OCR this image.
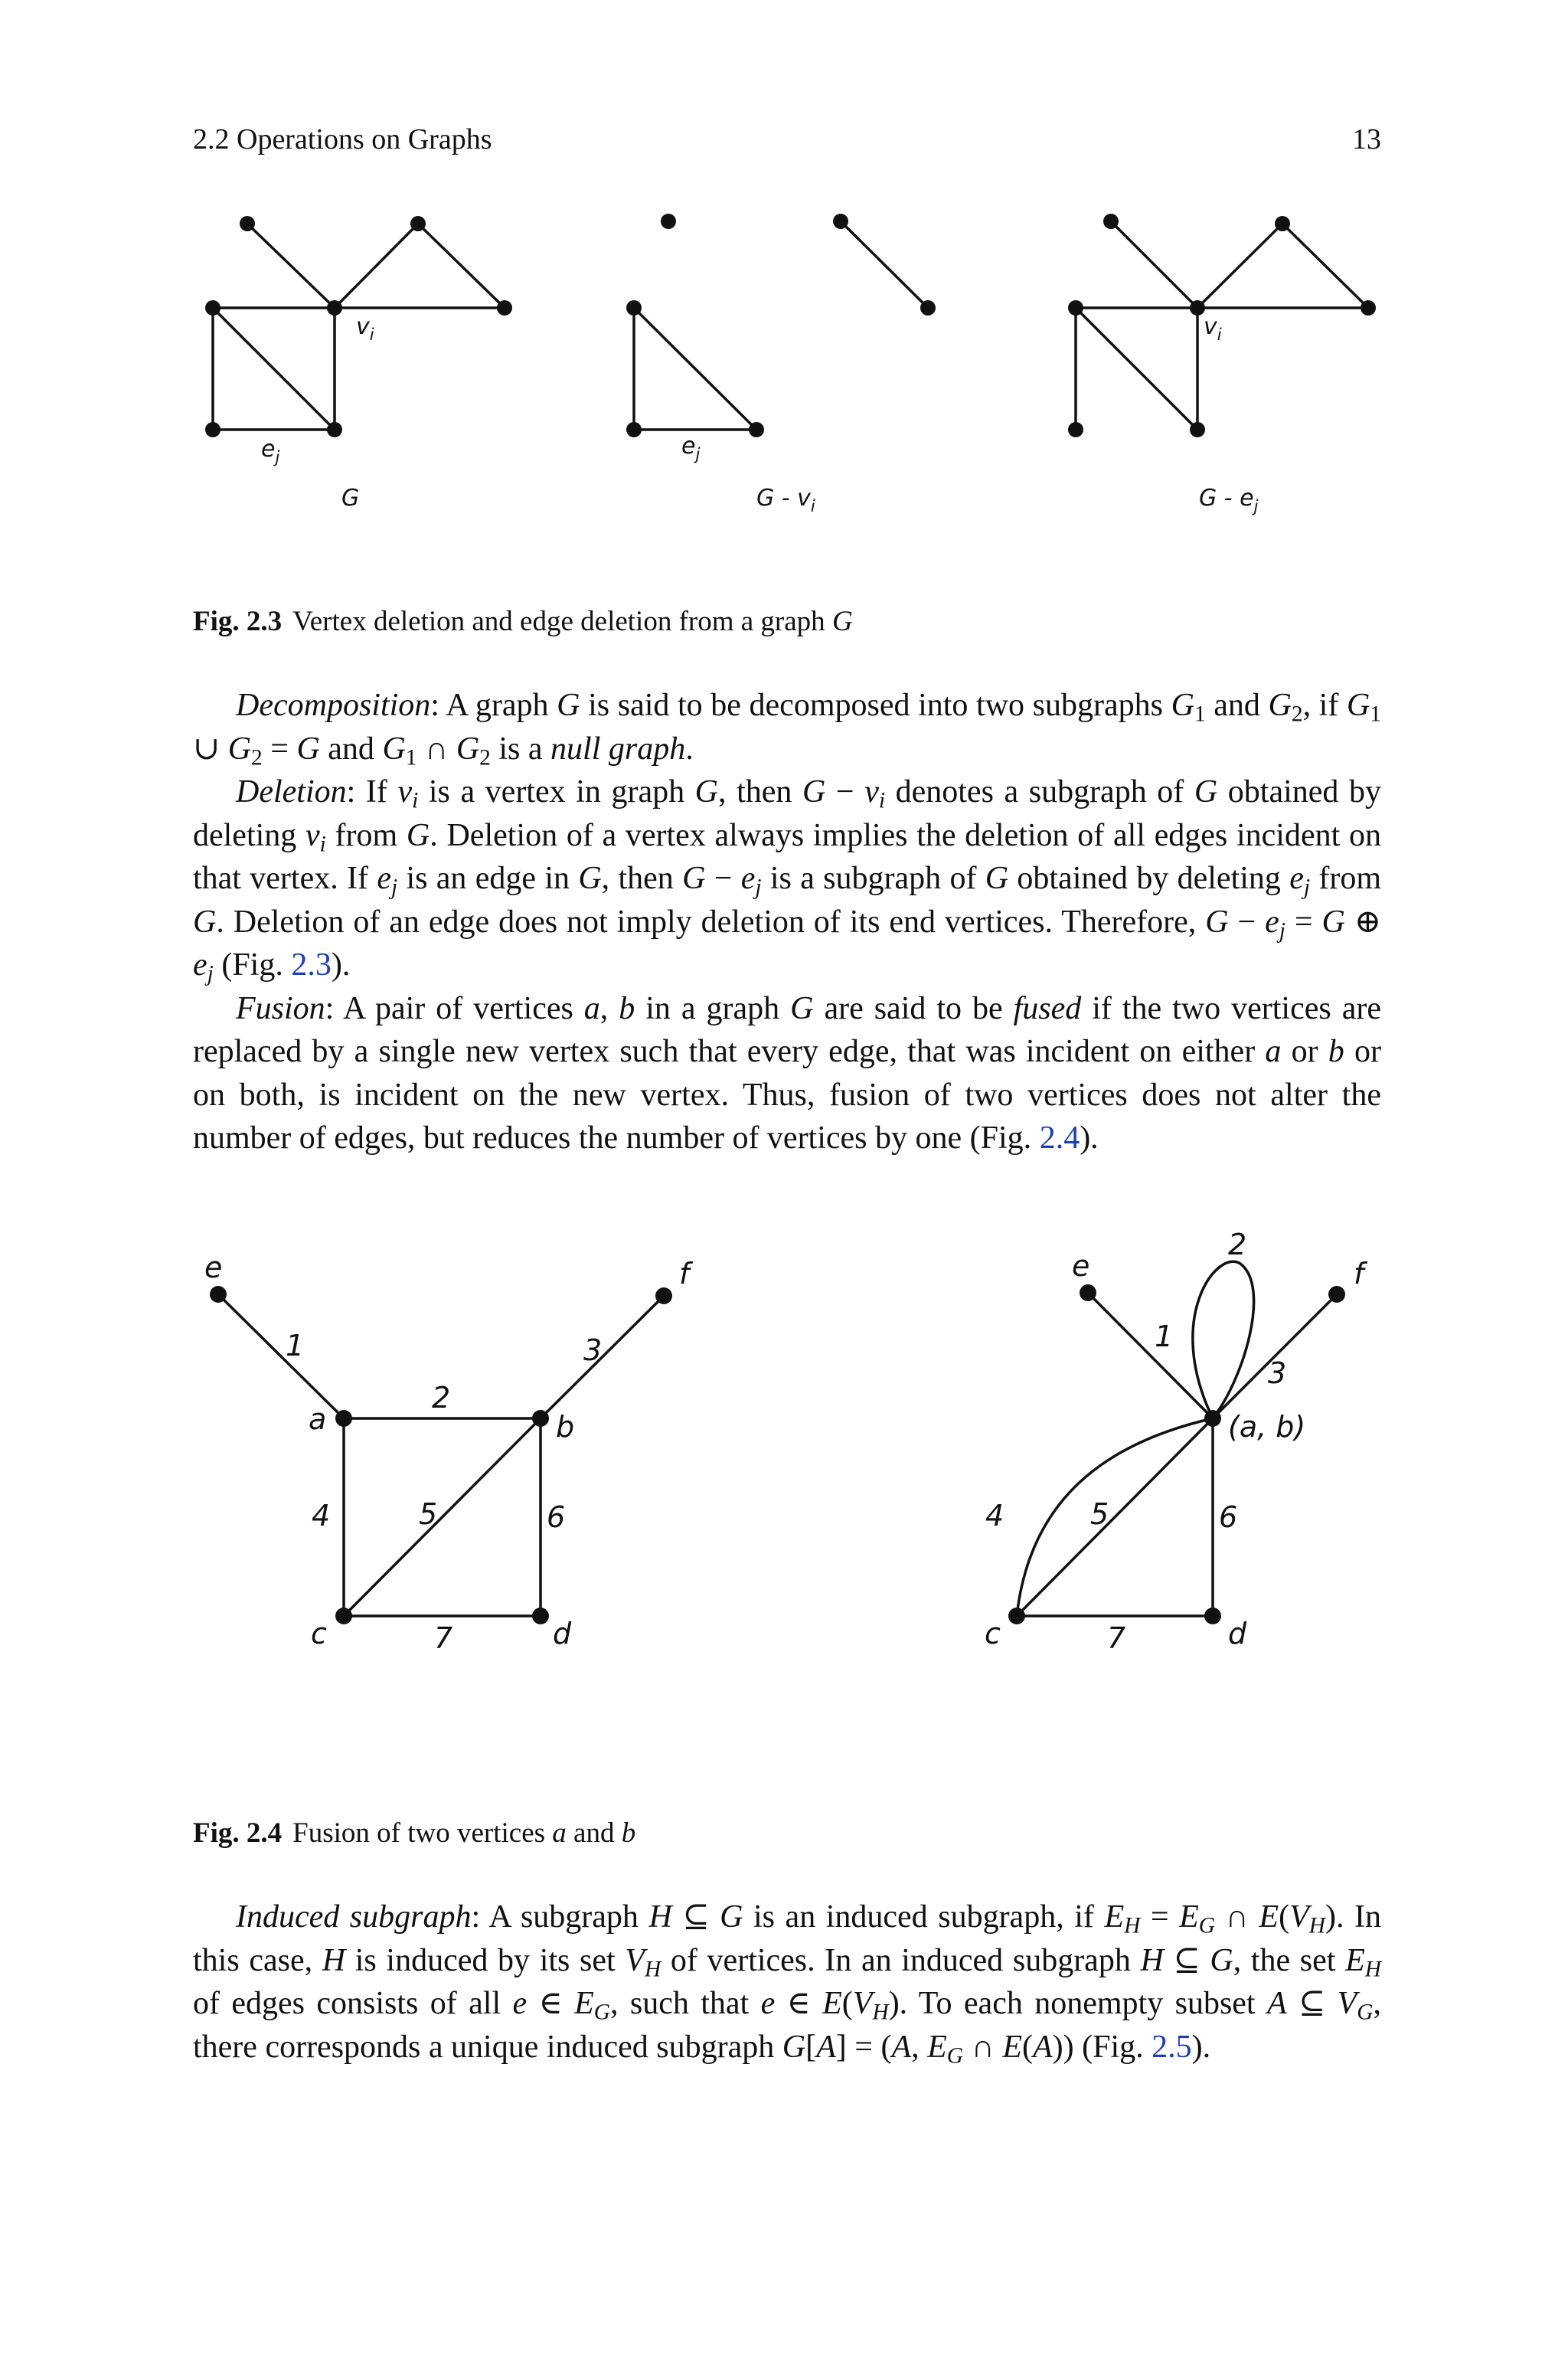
2.2 Operations on Graphs	13
$v_i$
$e_j$	$e_j$
$v_i$
G	G - $v_i$	G - $e_j$
Fig. 2.3 Vertex deletion and edge deletion from a graph G

Decomposition: A graph G is said to be decomposed into two subgraphs $G_1$ and $G_2$, if $G_1$ ∪ $G_2 = G$ and $G_1$ ∩ $G_2$ is a null graph.

Deletion: If $v_i$ is a vertex in graph G, then $G - v_i$ denotes a subgraph of G obtained by deleting $v_i$ from G. Deletion of a vertex always implies the deletion of all edges incident on that vertex. If $e_j$ is an edge in G, then $G - e_j$ is a subgraph of G obtained by deleting $e_j$ from G. Deletion of an edge does not imply deletion of its end vertices. Therefore, $G - e_j = G$ ⊕ $e_j$ (Fig. 2.3).

Fusion: A pair of vertices a, b in a graph G are said to be fused if the two vertices are replaced by a single new vertex such that every edge, that was incident on either a or b or on both, is incident on the new vertex. Thus, fusion of two vertices does not alter the number of edges, but reduces the number of vertices by one (Fig. 2.4).

e	f
a	b
c	d
1
2
3
4	5	6
7
e	f
(a, b)
c	d
1
2
3
4	5	6
7
Fig. 2.4 Fusion of two vertices a and b

Induced subgraph: A subgraph H ⊆ G is an induced subgraph, if $E_H = E_G$ ∩ $E(V_H)$. In this case, H is induced by its set $V_H$ of vertices. In an induced subgraph H ⊆ G, the set $E_H$ of edges consists of all e ∈ $E_G$, such that e ∈ $E(V_H)$. To each nonempty subset A ⊆ $V_G$, there corresponds a unique induced subgraph G[A] = (A, $E_G$ ∩ E(A)) (Fig. 2.5).
